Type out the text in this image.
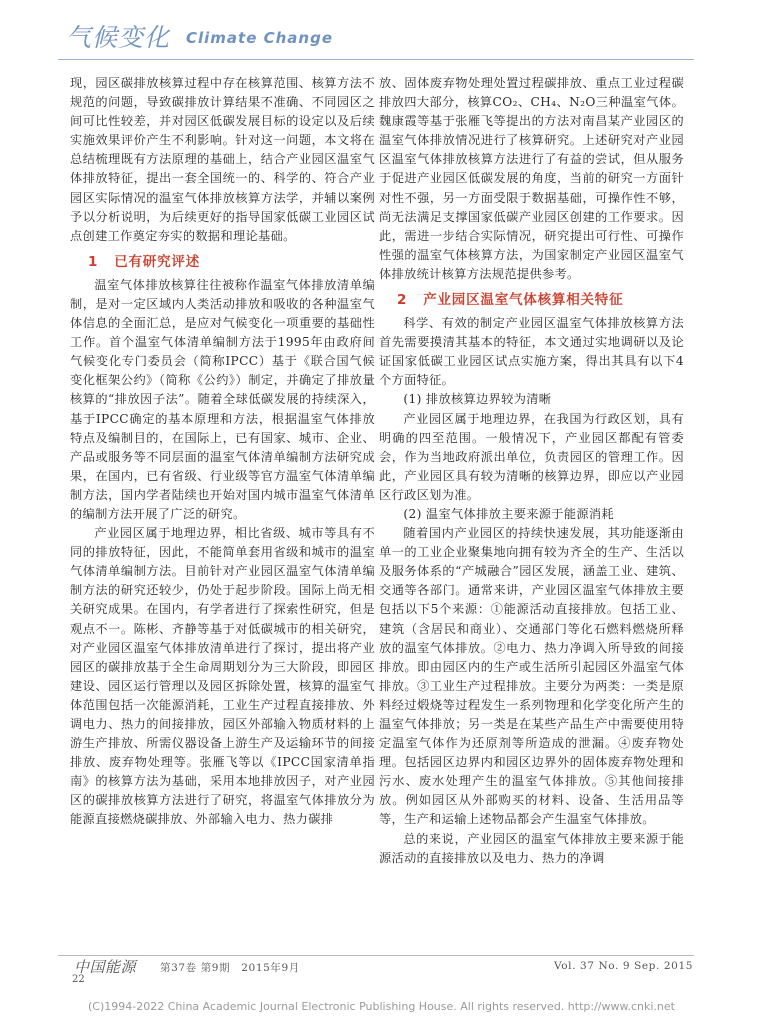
气候变化 Climate Change

现，园区碳排放核算过程中存在核算范围、核算方法不规范的问题，导致碳排放计算结果不准确、不同园区之间可比性较差，并对园区低碳发展目标的设定以及后续实施效果评价产生不利影响。针对这一问题，本文将在总结梳理既有方法原理的基础上，结合产业园区温室气体排放特征，提出一套全国统一的、科学的、符合产业园区实际情况的温室气体排放核算方法学，并辅以案例予以分析说明，为后续更好的指导国家低碳工业园区试点创建工作奠定夯实的数据和理论基础。

1 已有研究评述

温室气体排放核算往往被称作温室气体排放清单编制，是对一定区域内人类活动排放和吸收的各种温室气体信息的全面汇总，是应对气候变化一项重要的基础性工作。首个温室气体清单编制方法于1995年由政府间气候变化专门委员会（简称IPCC）基于《联合国气候变化框架公约》（简称《公约》）制定，并确定了排放量核算的“排放因子法”。随着全球低碳发展的持续深入，基于IPCC确定的基本原理和方法，根据温室气体排放特点及编制目的，在国际上，已有国家、城市、企业、产品或服务等不同层面的温室气体清单编制方法研究成果，在国内，已有省级、行业级等官方温室气体清单编制方法，国内学者陆续也开始对国内城市温室气体清单的编制方法开展了广泛的研究。

产业园区属于地理边界，相比省级、城市等具有不同的排放特征，因此，不能简单套用省级和城市的温室气体清单编制方法。目前针对产业园区温室气体清单编制方法的研究还较少，仍处于起步阶段。国际上尚无相关研究成果。在国内，有学者进行了探索性研究，但是观点不一。陈彬、齐静等基于对低碳城市的相关研究，对产业园区温室气体排放清单进行了探讨，提出将产业园区的碳排放基于全生命周期划分为三大阶段，即园区建设、园区运行管理以及园区拆除处置，核算的温室气体范围包括一次能源消耗，工业生产过程直接排放、外调电力、热力的间接排放，园区外部输入物质材料的上游生产排放、所需仪器设备上游生产及运输环节的间接排放、废弃物处理等。张雁飞等以《IPCC国家清单指南》的核算方法为基础，采用本地排放因子，对产业园区的碳排放核算方法进行了研究，将温室气体排放分为能源直接燃烧碳排放、外部输入电力、热力碳排

放、固体废弃物处理处置过程碳排放、重点工业过程碳排放四大部分，核算CO₂、CH₄、N₂O三种温室气体。魏康霞等基于张雁飞等提出的方法对南昌某产业园区的温室气体排放情况进行了核算研究。上述研究对产业园区温室气体排放核算方法进行了有益的尝试，但从服务于促进产业园区低碳发展的角度，当前的研究一方面针对性不强，另一方面受限于数据基础，可操作性不够，尚无法满足支撑国家低碳产业园区创建的工作要求。因此，需进一步结合实际情况，研究提出可行性、可操作性强的温室气体核算方法，为国家制定产业园区温室气体排放统计核算方法规范提供参考。

2 产业园区温室气体核算相关特征

科学、有效的制定产业园区温室气体排放核算方法首先需要摸清其基本的特征，本文通过实地调研以及论证国家低碳工业园区试点实施方案，得出其具有以下4个方面特征。

(1) 排放核算边界较为清晰

产业园区属于地理边界，在我国为行政区划，具有明确的四至范围。一般情况下，产业园区都配有管委会，作为当地政府派出单位，负责园区的管理工作。因此，产业园区具有较为清晰的核算边界，即应以产业园区行政区划为准。

(2) 温室气体排放主要来源于能源消耗

随着国内产业园区的持续快速发展，其功能逐渐由单一的工业企业聚集地向拥有较为齐全的生产、生活以及服务体系的“产城融合”园区发展，涵盖工业、建筑、交通等各部门。通常来讲，产业园区温室气体排放主要包括以下5个来源：①能源活动直接排放。包括工业、建筑（含居民和商业）、交通部门等化石燃料燃烧所释放的温室气体排放。②电力、热力净调入所导致的间接排放。即由园区内的生产或生活所引起园区外温室气体排放。③工业生产过程排放。主要分为两类：一类是原料经过煅烧等过程发生一系列物理和化学变化所产生的温室气体排放；另一类是在某些产品生产中需要使用特定温室气体作为还原剂等所造成的泄漏。④废弃物处理。包括园区边界内和园区边界外的固体废弃物处理和污水、废水处理产生的温室气体排放。⑤其他间接排放。例如园区从外部购买的材料、设备、生活用品等等，生产和运输上述物品都会产生温室气体排放。

总的来说，产业园区的温室气体排放主要来源于能源活动的直接排放以及电力、热力的净调

中国能源
22
第37卷 第9期　2015年9月	Vol. 37 No. 9 Sep. 2015
(C)1994-2022 China Academic Journal Electronic Publishing House. All rights reserved. http://www.cnki.net
